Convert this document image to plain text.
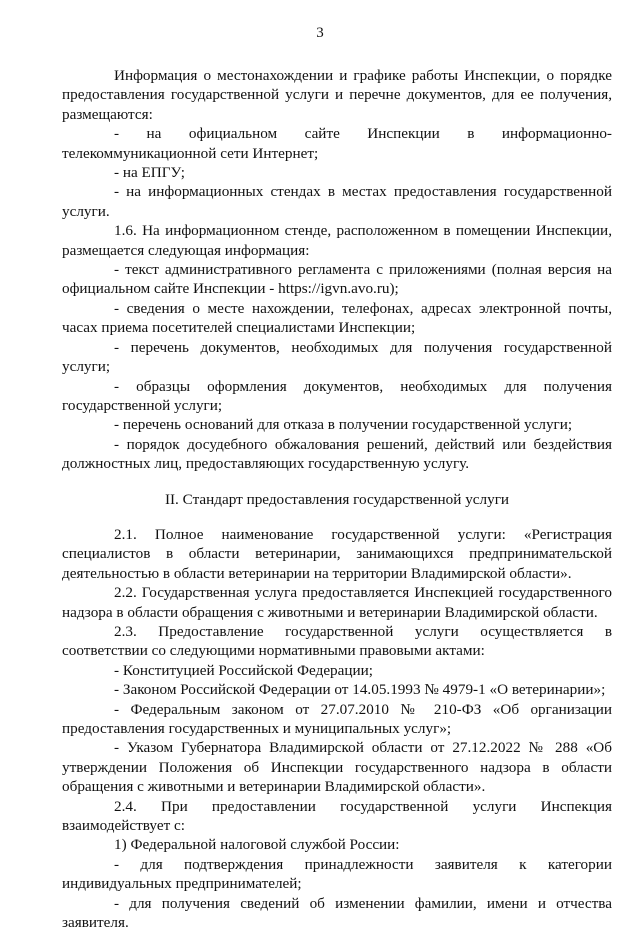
3

Информация о местонахождении и графике работы Инспекции, о порядке предоставления государственной услуги и перечне документов, для ее получения, размещаются:

- на официальном сайте Инспекции в информационно-телекоммуникационной сети Интернет;

- на ЕПГУ;

- на информационных стендах в местах предоставления государственной услуги.

1.6. На информационном стенде, расположенном в помещении Инспекции, размещается следующая информация:

- текст административного регламента с приложениями (полная версия на официальном сайте Инспекции - https://igvn.avo.ru);

- сведения о месте нахождении, телефонах, адресах электронной почты, часах приема посетителей специалистами Инспекции;

- перечень документов, необходимых для получения государственной услуги;

- образцы оформления документов, необходимых для получения государственной услуги;

- перечень оснований для отказа в получении государственной услуги;

- порядок досудебного обжалования решений, действий или бездействия должностных лиц, предоставляющих государственную услугу.

II. Стандарт предоставления государственной услуги

2.1. Полное наименование государственной услуги: «Регистрация специалистов в области ветеринарии, занимающихся предпринимательской деятельностью в области ветеринарии на территории Владимирской области».

2.2. Государственная услуга предоставляется Инспекцией государственного надзора в области обращения с животными и ветеринарии Владимирской области.

2.3. Предоставление государственной услуги осуществляется в соответствии со следующими нормативными правовыми актами:

- Конституцией Российской Федерации;

- Законом Российской Федерации от 14.05.1993 № 4979-1 «О ветеринарии»;

- Федеральным законом от 27.07.2010 № 210-ФЗ «Об организации предоставления государственных и муниципальных услуг»;

- Указом Губернатора Владимирской области от 27.12.2022 № 288 «Об утверждении Положения об Инспекции государственного надзора в области обращения с животными и ветеринарии Владимирской области».

2.4. При предоставлении государственной услуги Инспекция взаимодействует с:

1) Федеральной налоговой службой России:

- для подтверждения принадлежности заявителя к категории индивидуальных предпринимателей;

- для получения сведений об изменении фамилии, имени и отчества заявителя.
